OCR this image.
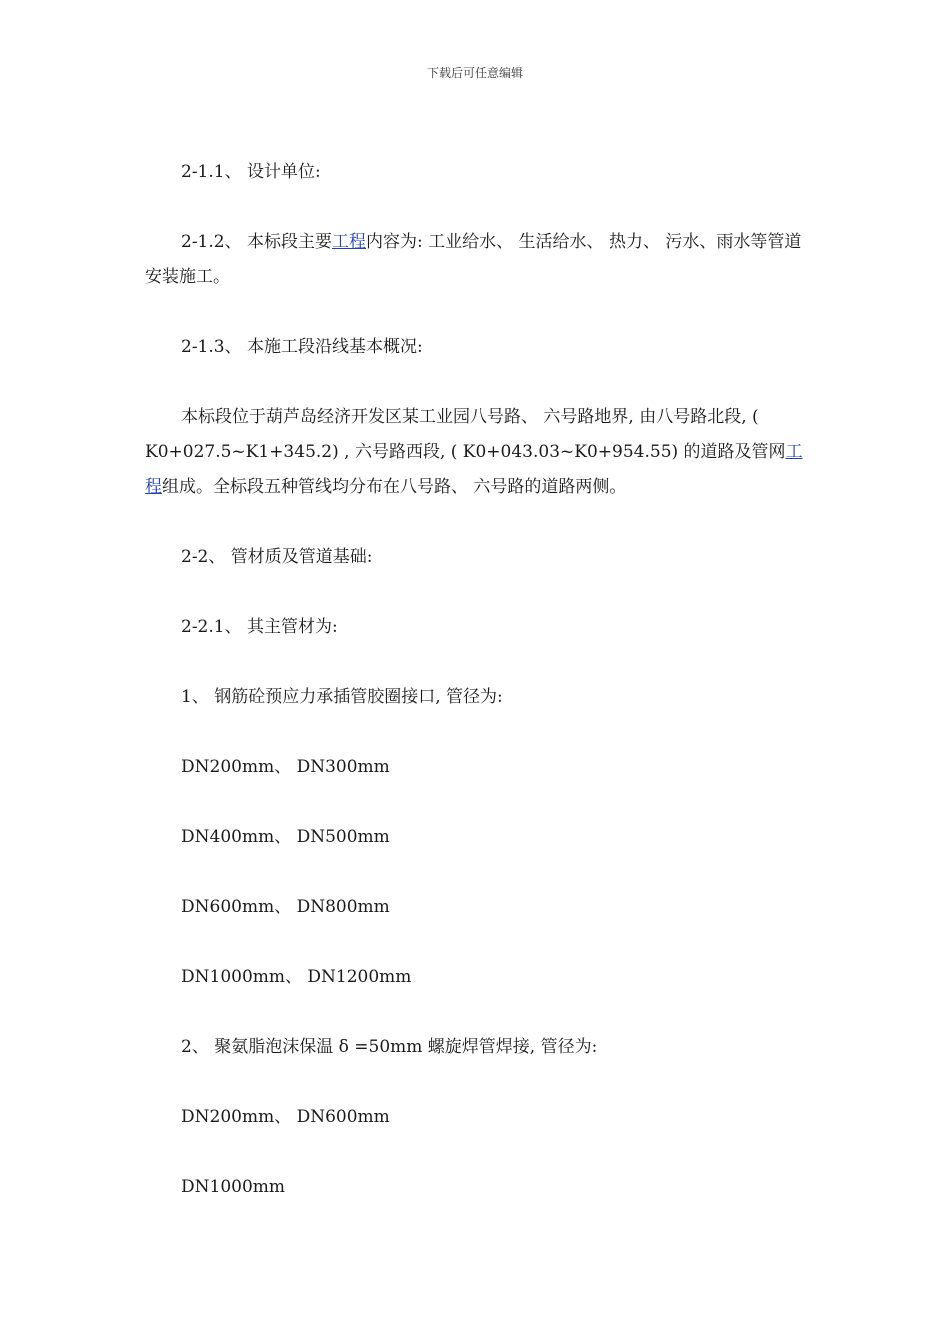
下载后可任意编辑

2-1.1、 设计单位:

2-1.2、 本标段主要工程内容为: 工业给水、 生活给水、 热力、 污水、雨水等管道安装施工。

2-1.3、 本施工段沿线基本概况:

本标段位于葫芦岛经济开发区某工业园八号路、 六号路地界, 由八号路北段, ( K0+027.5~K1+345.2) , 六号路西段, ( K0+043.03~K0+954.55) 的道路及管网工程组成。全标段五种管线均分布在八号路、 六号路的道路两侧。

2-2、 管材质及管道基础:

2-2.1、 其主管材为:

1、 钢筋砼预应力承插管胶圈接口, 管径为:

DN200mm、 DN300mm

DN400mm、 DN500mm

DN600mm、 DN800mm

DN1000mm、 DN1200mm

2、 聚氨脂泡沫保温 δ =50mm 螺旋焊管焊接, 管径为:

DN200mm、 DN600mm

DN1000mm
